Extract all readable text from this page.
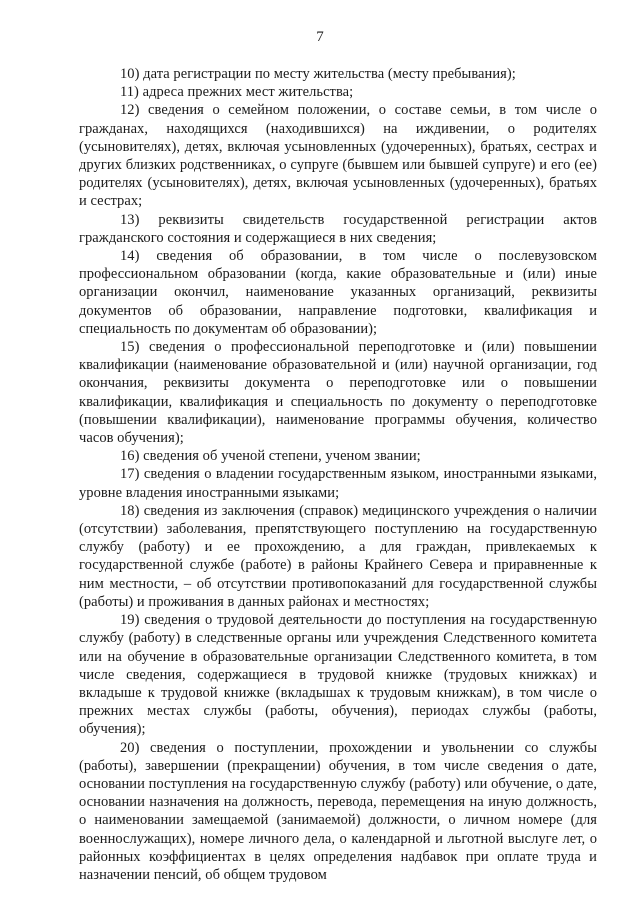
7

10) дата регистрации по месту жительства (месту пребывания);

11) адреса прежних мест жительства;

12) сведения о семейном положении, о составе семьи, в том числе о гражданах, находящихся (находившихся) на иждивении, о родителях (усыновителях), детях, включая усыновленных (удочеренных), братьях, сестрах и других близких родственниках, о супруге (бывшем или бывшей супруге) и его (ее) родителях (усыновителях), детях, включая усыновленных (удочеренных), братьях и сестрах;

13) реквизиты свидетельств государственной регистрации актов гражданского состояния и содержащиеся в них сведения;

14) сведения об образовании, в том числе о послевузовском профессиональном образовании (когда, какие образовательные и (или) иные организации окончил, наименование указанных организаций, реквизиты документов об образовании, направление подготовки, квалификация и специальность по документам об образовании);

15) сведения о профессиональной переподготовке и (или) повышении квалификации (наименование образовательной и (или) научной организации, год окончания, реквизиты документа о переподготовке или о повышении квалификации, квалификация и специальность по документу о переподготовке (повышении квалификации), наименование программы обучения, количество часов обучения);

16) сведения об ученой степени, ученом звании;

17) сведения о владении государственным языком, иностранными языками, уровне владения иностранными языками;

18) сведения из заключения (справок) медицинского учреждения о наличии (отсутствии) заболевания, препятствующего поступлению на государственную службу (работу) и ее прохождению, а для граждан, привлекаемых к государственной службе (работе) в районы Крайнего Севера и приравненные к ним местности, – об отсутствии противопоказаний для государственной службы (работы) и проживания в данных районах и местностях;

19) сведения о трудовой деятельности до поступления на государственную службу (работу) в следственные органы или учреждения Следственного комитета или на обучение в образовательные организации Следственного комитета, в том числе сведения, содержащиеся в трудовой книжке (трудовых книжках) и вкладыше к трудовой книжке (вкладышах к трудовым книжкам), в том числе о прежних местах службы (работы, обучения), периодах службы (работы, обучения);

20) сведения о поступлении, прохождении и увольнении со службы (работы), завершении (прекращении) обучения, в том числе сведения о дате, основании поступления на государственную службу (работу) или обучение, о дате, основании назначения на должность, перевода, перемещения на иную должность, о наименовании замещаемой (занимаемой) должности, о личном номере (для военнослужащих), номере личного дела, о календарной и льготной выслуге лет, о районных коэффициентах в целях определения надбавок при оплате труда и назначении пенсий, об общем трудовом
